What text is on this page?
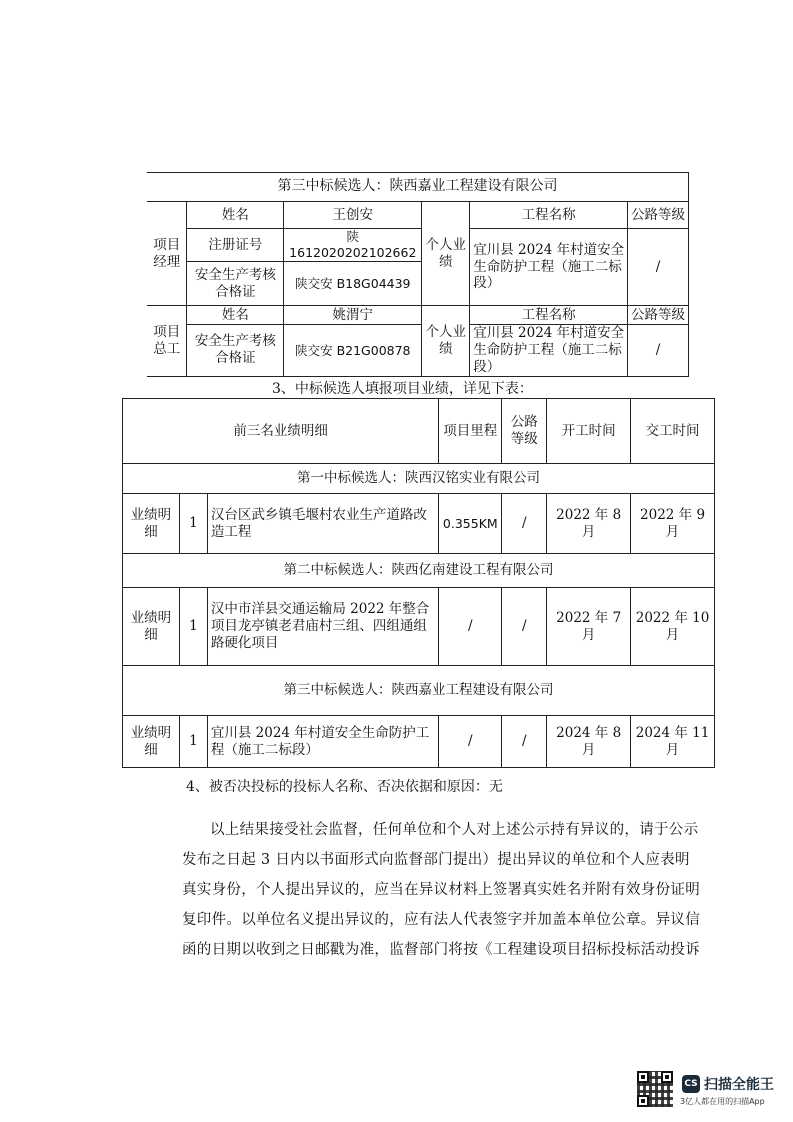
第三中标候选人：陕西嘉业工程建设有限公司					
项目经理	姓名	王创安	个人业绩	工程名称	公路等级
	注册证号	陕 1612020202102662		宜川县 2024 年村道安全生命防护工程（施工二标段）	/
	安全生产考核合格证	陕交安 B18G04439			
项目总工	姓名	姚渭宁	个人业绩	工程名称	公路等级
	安全生产考核合格证	陕交安 B21G00878		宜川县 2024 年村道安全生命防护工程（施工二标段）	/
3、中标候选人填报项目业绩，详见下表：
前三名业绩明细			项目里程	公路等级	开工时间	交工时间
第一中标候选人：陕西汉铭实业有限公司						
业绩明细	1	汉台区武乡镇毛堰村农业生产道路改造工程	0.355KM	/	2022 年 8 月	2022 年 9 月
第二中标候选人：陕西亿南建设工程有限公司						
业绩明细	1	汉中市洋县交通运输局 2022 年整合项目龙亭镇老君庙村三组、四组通组路硬化项目	/	/	2022 年 7 月	2022 年 10 月
第三中标候选人：陕西嘉业工程建设有限公司						
业绩明细	1	宜川县 2024 年村道安全生命防护工程（施工二标段）	/	/	2024 年 8 月	2024 年 11 月
4、被否决投标的投标人名称、否决依据和原因：无
以上结果接受社会监督，任何单位和个人对上述公示持有异议的，请于公示
发布之日起 3 日内以书面形式向监督部门提出）提出异议的单位和个人应表明
真实身份，个人提出异议的，应当在异议材料上签署真实姓名并附有效身份证明
复印件。以单位名义提出异议的，应有法人代表签字并加盖本单位公章。异议信
函的日期以收到之日邮戳为准，监督部门将按《工程建设项目招标投标活动投诉
CS 扫描全能王
3亿人都在用的扫描App
